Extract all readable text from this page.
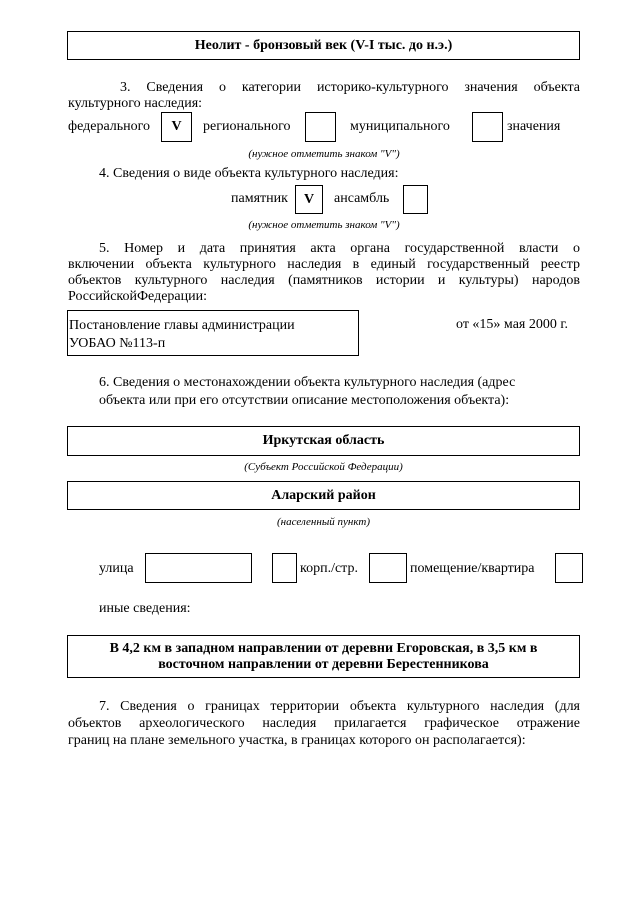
Неолит - бронзовый век (V-I тыс. до н.э.)
3. Сведения о категории историко-культурного значения объекта
культурного наследия:
федерального	V	регионального	муниципального	значения
(нужное отметить знаком "V")
4. Сведения о виде объекта культурного наследия:
памятник	V	ансамбль
(нужное отметить знаком "V")
5. Номер и дата принятия акта органа государственной власти о
включении объекта культурного наследия в единый государственный реестр
объектов культурного наследия (памятников истории и культуры) народов
РоссийскойФедерации:
Постановление главы администрации
УОБАО №113-п
от «15» мая 2000 г.
6. Сведения о местонахождении объекта культурного наследия (адрес
объекта или при его отсутствии описание местоположения объекта):
Иркутская область
(Субъект Российской Федерации)
Аларский район
(населенный пункт)
улица	корп./стр.	помещение/квартира
иные сведения:
В 4,2 км в западном направлении от деревни Егоровская, в 3,5 км в
восточном направлении от деревни Берестенникова
7. Сведения о границах территории объекта культурного наследия (для
объектов археологического наследия прилагается графическое отражение
границ на плане земельного участка, в границах которого он располагается):
